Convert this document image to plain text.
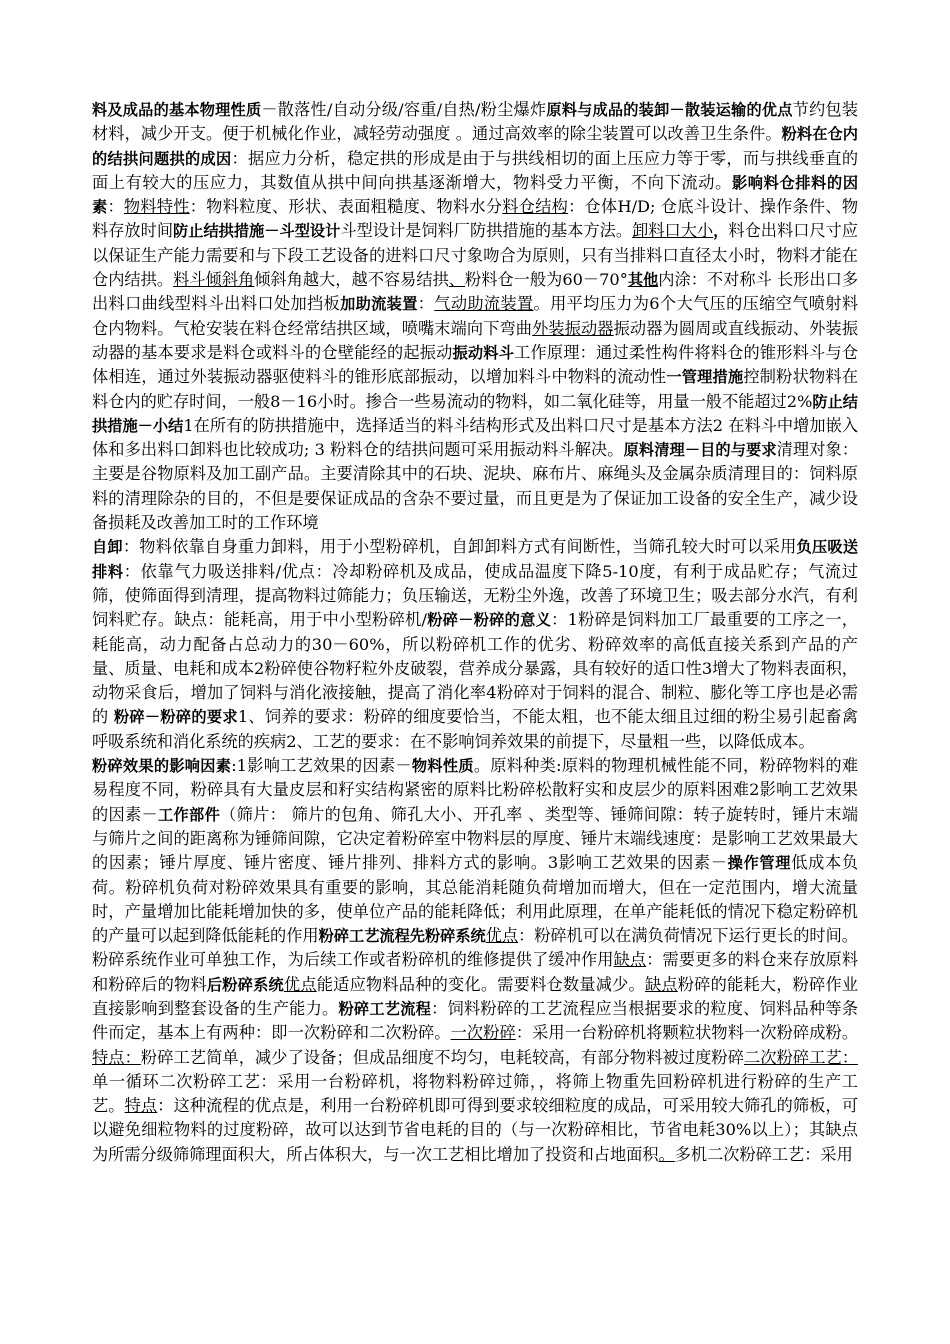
料及成品的基本物理性质－散落性/自动分级/容重/自热/粉尘爆炸原料与成品的装卸－散装运输的优点节约包装材料，减少开支。便于机械化作业，减轻劳动强度 。通过高效率的除尘装置可以改善卫生条件。粉料在仓内的结拱问题拱的成因：据应力分析，稳定拱的形成是由于与拱线相切的面上压应力等于零，而与拱线垂直的面上有较大的压应力，其数值从拱中间向拱基逐渐增大，物料受力平衡，不向下流动。影响料仓排料的因素：物料特性：物料粒度、形状、表面粗糙度、物料水分料仓结构：仓体H/D; 仓底斗设计、操作条件、物料存放时间防止结拱措施－斗型设计斗型设计是饲料厂防拱措施的基本方法。卸料口大小，料仓出料口尺寸应以保证生产能力需要和与下段工艺设备的进料口尺寸象吻合为原则，只有当排料口直径太小时，物料才能在仓内结拱。料斗倾斜角倾斜角越大，越不容易结拱、粉料仓一般为60－70°其他内涂：不对称斗 长形出口多出料口曲线型料斗出料口处加挡板加助流装置：气动助流装置。用平均压力为6个大气压的压缩空气喷射料仓内物料。气枪安装在料仓经常结拱区域，喷嘴末端向下弯曲外装振动器振动器为圆周或直线振动、外装振动器的基本要求是料仓或料斗的仓壁能经的起振动振动料斗工作原理：通过柔性构件将料仓的锥形料斗与仓体相连，通过外装振动器驱使料斗的锥形底部振动，以增加料斗中物料的流动性一管理措施控制粉状物料在料仓内的贮存时间，一般8－16小时。掺合一些易流动的物料，如二氧化硅等，用量一般不能超过2%防止结拱措施－小结1在所有的防拱措施中，选择适当的料斗结构形式及出料口尺寸是基本方法2 在料斗中增加嵌入体和多出料口卸料也比较成功; 3 粉料仓的结拱问题可采用振动料斗解决。原料清理－目的与要求清理对象：主要是谷物原料及加工副产品。主要清除其中的石块、泥块、麻布片、麻绳头及金属杂质清理目的：饲料原料的清理除杂的目的，不但是要保证成品的含杂不要过量，而且更是为了保证加工设备的安全生产，减少设备损耗及改善加工时的工作环境

自卸：物料依靠自身重力卸料，用于小型粉碎机，自卸卸料方式有间断性，当筛孔较大时可以采用负压吸送排料：依靠气力吸送排料/优点：冷却粉碎机及成品，使成品温度下降5-10度，有利于成品贮存；气流过筛，使筛面得到清理，提高物料过筛能力；负压输送，无粉尘外逸，改善了环境卫生；吸去部分水汽，有利饲料贮存。缺点：能耗高，用于中小型粉碎机/粉碎－粉碎的意义：1粉碎是饲料加工厂最重要的工序之一，耗能高，动力配备占总动力的30－60%，所以粉碎机工作的优劣、粉碎效率的高低直接关系到产品的产量、质量、电耗和成本2粉碎使谷物籽粒外皮破裂，营养成分暴露，具有较好的适口性3增大了物料表面积，动物采食后，增加了饲料与消化液接触，提高了消化率4粉碎对于饲料的混合、制粒、膨化等工序也是必需的 粉碎－粉碎的要求1、饲养的要求：粉碎的细度要恰当，不能太粗，也不能太细且过细的粉尘易引起畜禽呼吸系统和消化系统的疾病2、工艺的要求：在不影响饲养效果的前提下，尽量粗一些，以降低成本。

粉碎效果的影响因素:1影响工艺效果的因素－物料性质。原料种类:原料的物理机械性能不同，粉碎物料的难易程度不同，粉碎具有大量皮层和籽实结构紧密的原料比粉碎松散籽实和皮层少的原料困难2影响工艺效果的因素－工作部件（筛片： 筛片的包角、筛孔大小、开孔率 、类型等、锤筛间隙：转子旋转时，锤片末端与筛片之间的距离称为锤筛间隙，它决定着粉碎室中物料层的厚度、锤片末端线速度：是影响工艺效果最大的因素；锤片厚度、锤片密度、锤片排列、排料方式的影响。3影响工艺效果的因素－操作管理低成本负荷。粉碎机负荷对粉碎效果具有重要的影响，其总能消耗随负荷增加而增大，但在一定范围内，增大流量时，产量增加比能耗增加快的多，使单位产品的能耗降低；利用此原理，在单产能耗低的情况下稳定粉碎机的产量可以起到降低能耗的作用粉碎工艺流程先粉碎系统优点：粉碎机可以在满负荷情况下运行更长的时间。粉碎系统作业可单独工作，为后续工作或者粉碎机的维修提供了缓冲作用缺点：需要更多的料仓来存放原料和粉碎后的物料后粉碎系统优点能适应物料品种的变化。需要料仓数量减少。缺点粉碎的能耗大，粉碎作业直接影响到整套设备的生产能力。粉碎工艺流程：饲料粉碎的工艺流程应当根据要求的粒度、饲料品种等条件而定，基本上有两种：即一次粉碎和二次粉碎。一次粉碎：采用一台粉碎机将颗粒状物料一次粉碎成粉。特点：粉碎工艺简单，减少了设备；但成品细度不均匀，电耗较高，有部分物料被过度粉碎二次粉碎工艺：单一循环二次粉碎工艺：采用一台粉碎机，将物料粉碎过筛，，将筛上物重先回粉碎机进行粉碎的生产工艺。特点：这种流程的优点是，利用一台粉碎机即可得到要求较细粒度的成品，可采用较大筛孔的筛板，可以避免细粒物料的过度粉碎，故可以达到节省电耗的目的（与一次粉碎相比，节省电耗30%以上）；其缺点为所需分级筛筛理面积大，所占体积大，与一次工艺相比增加了投资和占地面积。多机二次粉碎工艺：采用
